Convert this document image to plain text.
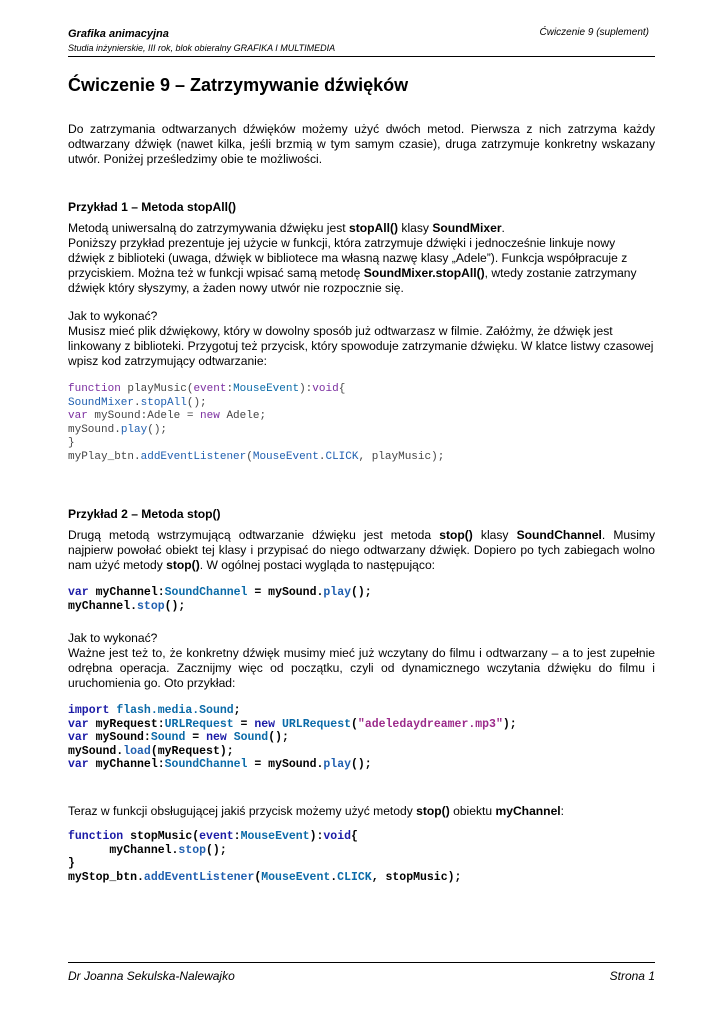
Grafika animacyjna
Studia inżynierskie, III rok, blok obieralny GRAFIKA I MULTIMEDIA
Ćwiczenie 9 (suplement)
Ćwiczenie 9 – Zatrzymywanie dźwięków

Do zatrzymania odtwarzanych dźwięków możemy użyć dwóch metod. Pierwsza z nich zatrzyma każdy odtwarzany dźwięk (nawet kilka, jeśli brzmią w tym samym czasie), druga zatrzymuje konkretny wskazany utwór. Poniżej prześledzimy obie te możliwości.

Przykład 1 – Metoda stopAll()

Metodą uniwersalną do zatrzymywania dźwięku jest stopAll() klasy SoundMixer.

Poniższy przykład prezentuje jej użycie w funkcji, która zatrzymuje dźwięki i jednocześnie linkuje nowy dźwięk z biblioteki (uwaga, dźwięk w bibliotece ma własną nazwę klasy „Adele”). Funkcja współpracuje z przyciskiem. Można też w funkcji wpisać samą metodę SoundMixer.stopAll(), wtedy zostanie zatrzymany dźwięk który słyszymy, a żaden nowy utwór nie rozpocznie się.

Jak to wykonać?

Musisz mieć plik dźwiękowy, który w dowolny sposób już odtwarzasz w filmie. Załóżmy, że dźwięk jest linkowany z biblioteki. Przygotuj też przycisk, który spowoduje zatrzymanie dźwięku. W klatce listwy czasowej wpisz kod zatrzymujący odtwarzanie:

function playMusic(event:MouseEvent):void{
SoundMixer.stopAll();
var mySound:Adele = new Adele;
mySound.play();
}
myPlay_btn.addEventListener(MouseEvent.CLICK, playMusic);
Przykład 2 – Metoda stop()

Drugą metodą wstrzymującą odtwarzanie dźwięku jest metoda stop() klasy SoundChannel. Musimy najpierw powołać obiekt tej klasy i przypisać do niego odtwarzany dźwięk. Dopiero po tych zabiegach wolno nam użyć metody stop(). W ogólnej postaci wygląda to następująco:

var myChannel:SoundChannel = mySound.play();
myChannel.stop();

Jak to wykonać?

Ważne jest też to, że konkretny dźwięk musimy mieć już wczytany do filmu i odtwarzany – a to jest zupełnie odrębna operacja. Zacznijmy więc od początku, czyli od dynamicznego wczytania dźwięku do filmu i uruchomienia go. Oto przykład:

import flash.media.Sound;
var myRequest:URLRequest = new URLRequest("adeledaydreamer.mp3");
var mySound:Sound = new Sound();
mySound.load(myRequest);
var myChannel:SoundChannel = mySound.play();

Teraz w funkcji obsługującej jakiś przycisk możemy użyć metody stop() obiektu myChannel:

function stopMusic(event:MouseEvent):void{
myChannel.stop();
}
myStop_btn.addEventListener(MouseEvent.CLICK, stopMusic);
Dr Joanna Sekulska-Nalewajko	Strona 1
